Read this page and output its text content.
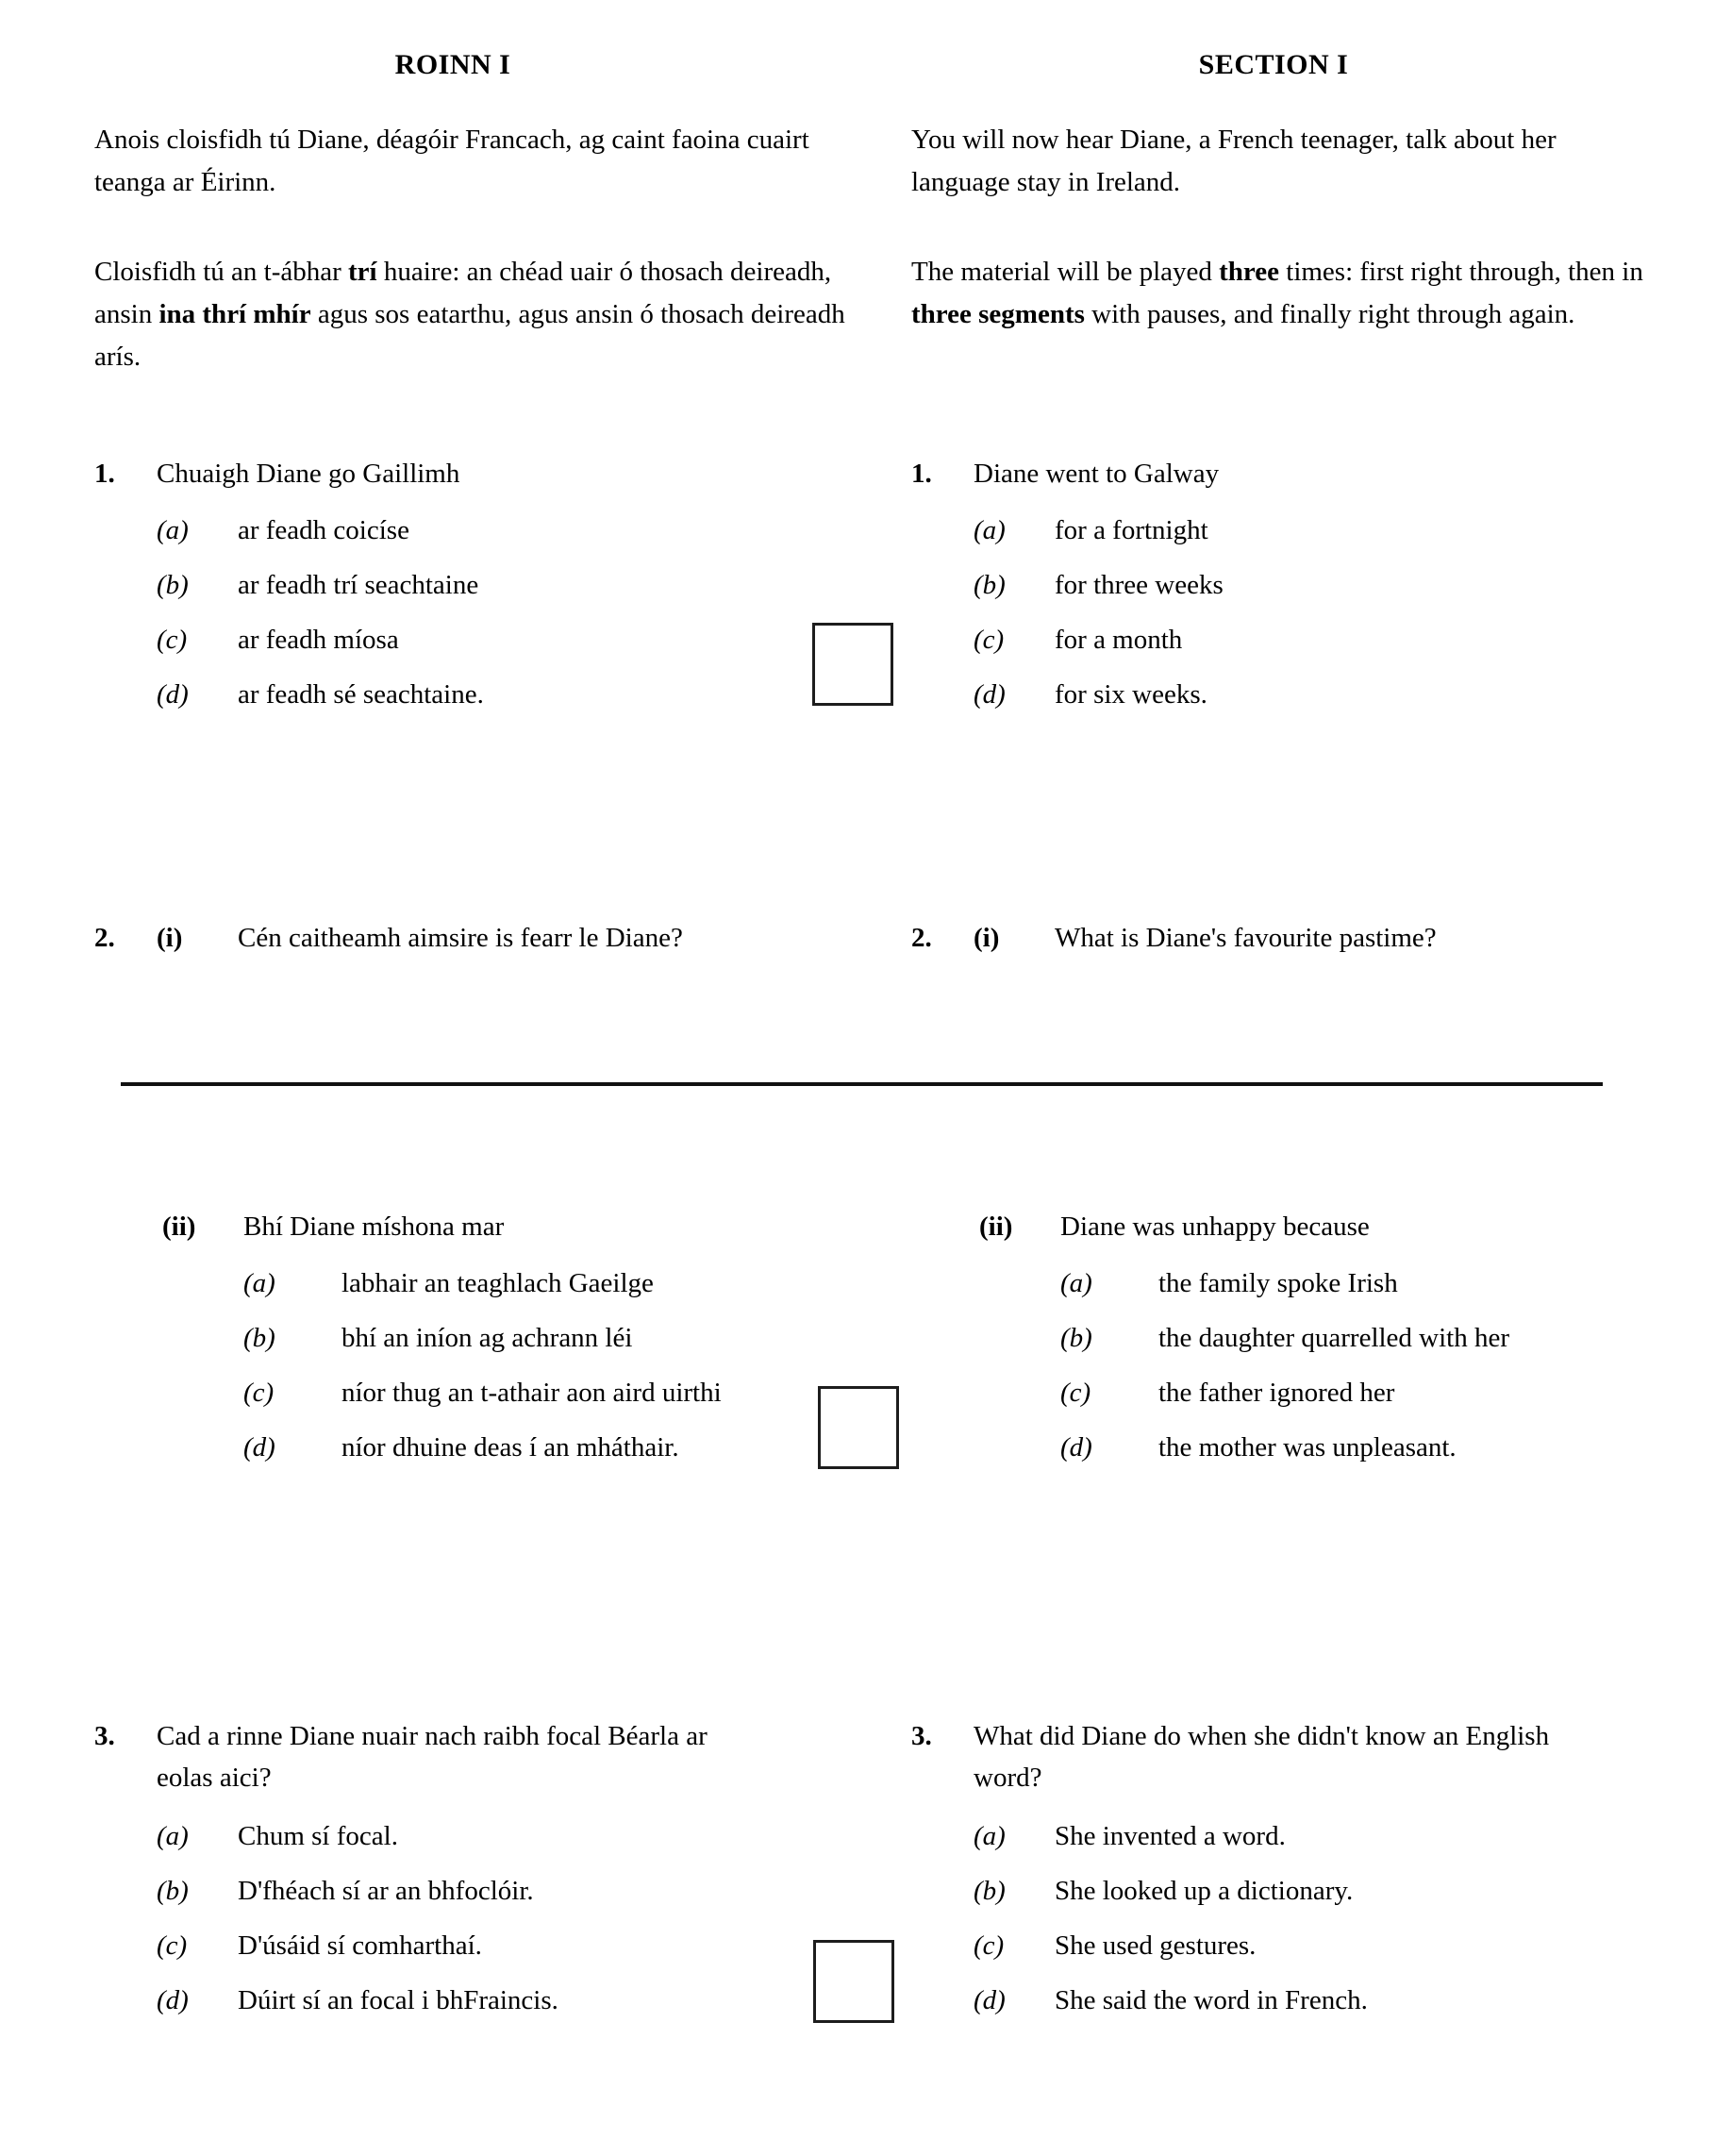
ROINN I	SECTION I
Anois cloisfidh tú Diane, déagóir Francach, ag caint faoina cuairt teanga ar Éirinn.
You will now hear Diane, a French teenager, talk about her language stay in Ireland.
Cloisfidh tú an t-ábhar trí huaire: an chéad uair ó thosach deireadh, ansin ina thrí mhír agus sos eatarthu, agus ansin ó thosach deireadh arís.
The material will be played three times: first right through, then in three segments with pauses, and finally right through again.
1.	Chuaigh Diane go Gaillimh
(a)	ar feadh coicíse
(b)	ar feadh trí seachtaine
(c)	ar feadh míosa
(d)	ar feadh sé seachtaine.
1.	Diane went to Galway
(a)	for a fortnight
(b)	for three weeks
(c)	for a month
(d)	for six weeks.
2.	(i)	Cén caitheamh aimsire is fearr le Diane?	2.	(i)	What is Diane's favourite pastime?
(ii)	Bhí Diane míshona mar
(a)	labhair an teaghlach Gaeilge
(b)	bhí an iníon ag achrann léi
(c)	níor thug an t-athair aon aird uirthi
(d)	níor dhuine deas í an mháthair.
(ii)	Diane was unhappy because
(a)	the family spoke Irish
(b)	the daughter quarrelled with her
(c)	the father ignored her
(d)	the mother was unpleasant.
3.	Cad a rinne Diane nuair nach raibh focal Béarla ar eolas aici?
(a)	Chum sí focal.
(b)	D'fhéach sí ar an bhfoclóir.
(c)	D'úsáid sí comharthaí.
(d)	Dúirt sí an focal i bhFraincis.
3.	What did Diane do when she didn't know an English word?
(a)	She invented a word.
(b)	She looked up a dictionary.
(c)	She used gestures.
(d)	She said the word in French.
